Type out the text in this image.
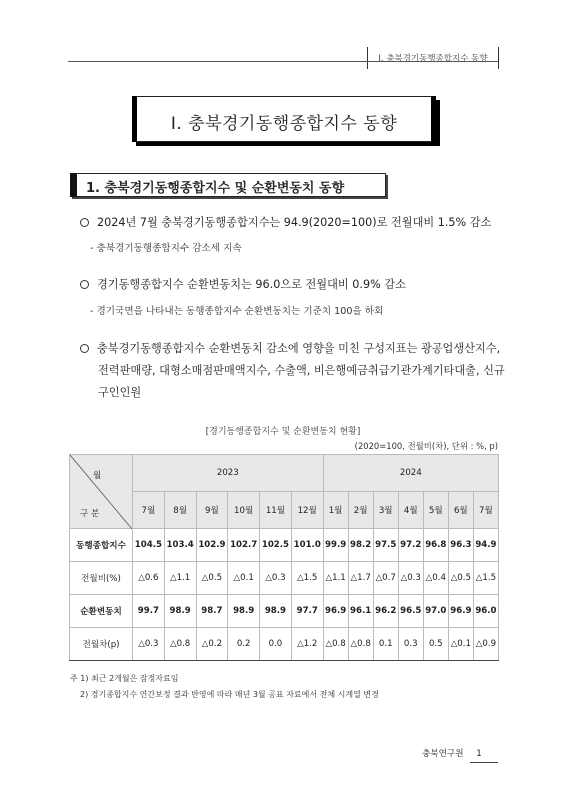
Ⅰ. 충북경기동행종합지수 동향
Ⅰ. 충북경기동행종합지수 동향
1. 충북경기동행종합지수 및 순환변동치 동향
2024년 7월 충북경기동행종합지수는 94.9(2020=100)로 전월대비 1.5% 감소
- 충북경기동행종합지수 감소세 지속
경기동행종합지수 순환변동치는 96.0으로 전월대비 0.9% 감소
- 경기국면을 나타내는 동행종합지수 순환변동치는 기준치 100을 하회
충북경기동행종합지수 순환변동치 감소에 영향을 미친 구성지표는 광공업생산지수,
전력판매량, 대형소매점판매액지수, 수출액, 비은행예금취급기관가계기타대출, 신규
구인인원
[경기동행종합지수 및 순환변동치 현황]
(2020=100, 전월비(차), 단위 : %, p)
월
구 분	2023						2024						
	7월	8월	9월	10월	11월	12월	1월	2월	3월	4월	5월	6월	7월
동행종합지수	104.5	103.4	102.9	102.7	102.5	101.0	99.9	98.2	97.5	97.2	96.8	96.3	94.9
전월비(%)	△0.6	△1.1	△0.5	△0.1	△0.3	△1.5	△1.1	△1.7	△0.7	△0.3	△0.4	△0.5	△1.5
순환변동치	99.7	98.9	98.7	98.9	98.9	97.7	96.9	96.1	96.2	96.5	97.0	96.9	96.0
전월차(p)	△0.3	△0.8	△0.2	0.2	0.0	△1.2	△0.8	△0.8	0.1	0.3	0.5	△0.1	△0.9
주 1) 최근 2개월은 잠정자료임
2) 경기종합지수 연간보정 결과 반영에 따라 매년 3월 공표 자료에서 전체 시계열 변경
충북연구원 1
